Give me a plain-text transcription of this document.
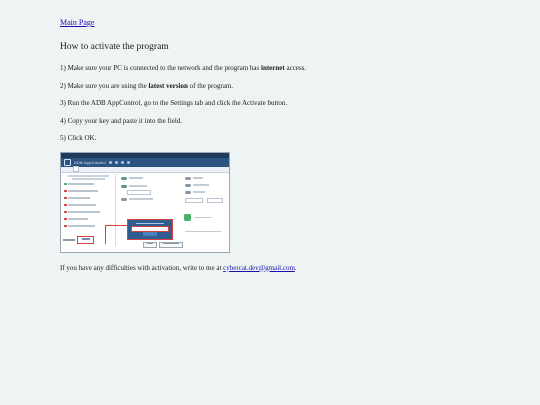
Main Page
How to activate the program

1) Make sure your PC is connected to the network and the program has internet access.

2) Make sure you are using the latest version of the program.

3) Run the ADB AppControl, go to the Settings tab and click the Activate button.

4) Copy your key and paste it into the field.

5) Click OK.

ADB AppControl

If you have any difficulties with activation, write to me at cybercat.dev@gmail.com.
